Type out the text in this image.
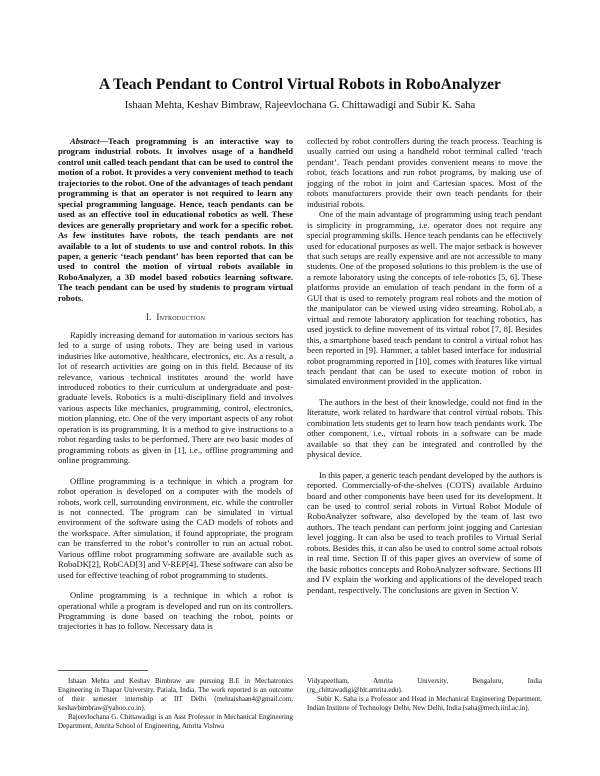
A Teach Pendant to Control Virtual Robots in RoboAnalyzer
Ishaan Mehta, Keshav Bimbraw, Rajeevlochana G. Chittawadigi and Subir K. Saha

Abstract—Teach programming is an interactive way to program industrial robots. It involves usage of a handheld control unit called teach pendant that can be used to control the motion of a robot. It provides a very convenient method to teach trajectories to the robot. One of the advantages of teach pendant programming is that an operator is not required to learn any special programming language. Hence, teach pendants can be used as an effective tool in educational robotics as well. These devices are generally proprietary and work for a specific robot. As few institutes have robots, the teach pendants are not available to a lot of students to use and control robots. In this paper, a generic ‘teach pendant’ has been reported that can be used to control the motion of virtual robots available in RoboAnalyzer, a 3D model based robotics learning software. The teach pendant can be used by students to program virtual robots.

I. Introduction

Rapidly increasing demand for automation in various sectors has led to a surge of using robots. They are being used in various industries like automotive, healthcare, electronics, etc. As a result, a lot of research activities are going on in this field. Because of its relevance, various technical institutes around the world have introduced robotics to their curriculum at undergraduate and post-graduate levels. Robotics is a multi-disciplinary field and involves various aspects like mechanics, programming, control, electronics, motion planning, etc. One of the very important aspects of any robot operation is its programming. It is a method to give instructions to a robot regarding tasks to be performed. There are two basic modes of programming robots as given in [1], i.e., offline programming and online programming.

Offline programming is a technique in which a program for robot operation is developed on a computer with the models of robots, work cell, surrounding environment, etc. while the controller is not connected. The program can be simulated in virtual environment of the software using the CAD models of robots and the workspace. After simulation, if found appropriate, the program can be transferred to the robot’s controller to run an actual robot. Various offline robot programming software are available such as RoboDK[2], RobCAD[3] and V-REP[4]. These software can also be used for effective teaching of robot programming to students.

Online programming is a technique in which a robot is operational while a program is developed and run on its controllers. Programming is done based on teaching the robot, points or trajectories it has to follow. Necessary data is

collected by robot controllers during the teach process. Teaching is usually carried out using a handheld robot terminal called ‘teach pendant’. Teach pendant provides convenient means to move the robot, teach locations and run robot programs, by making use of jogging of the robot in joint and Cartesian spaces. Most of the robots manufacturers provide their own teach pendants for their industrial robots.

One of the main advantage of programming using teach pendant is simplicity in programming, i.e. operator does not require any special programming skills. Hence teach pendants can be effectively used for educational purposes as well. The major setback is however that such setups are really expensive and are not accessible to many students. One of the proposed solutions to this problem is the use of a remote laboratory using the concepts of tele-robotics [5, 6]. These platforms provide an emulation of teach pendant in the form of a GUI that is used to remotely program real robots and the motion of the manipulator can be viewed using video streaming. RoboLab, a virtual and remote laboratory application for teaching robotics, has used joystick to define movement of its virtual robot [7, 8]. Besides this, a smartphone based teach pendant to control a virtual robot has been reported in [9]. Hammer, a tablet based interface for industrial robot programming reported in [10], comes with features like virtual teach pendant that can be used to execute motion of robot in simulated environment provided in the application.

The authors in the best of their knowledge, could not find in the literature, work related to hardware that control virtual robots. This combination lets students get to learn how teach pendants work. The other component, i.e., virtual robots in a software can be made available so that they can be integrated and controlled by the physical device.

In this paper, a generic teach pendant developed by the authors is reported. Commercially-of-the-shelves (COTS) available Arduino board and other components have been used for its development. It can be used to control serial robots in Virtual Robot Module of RoboAnalyzer software, also developed by the team of last two authors. The teach pendant can perform joint jogging and Cartesian level jogging. It can also be used to teach profiles to Virtual Serial robots. Besides this, it can also be used to control some actual robots in real time. Section II of this paper gives an overview of some of the basic robotics concepts and RoboAnalyzer software. Sections III and IV explain the working and applications of the developed teach pendant, respectively. The conclusions are given in Section V.

Ishaan Mehta and Keshav Bimbraw are pursuing B.E in Mechatronics Engineering in Thapar University, Patiala, India. The work reported is an outcome of their semester internship at IIT Delhi (mehtaishaan4@gmail.com, keshavbimbraw@yahoo.co.in).

Rajeevlochana G. Chittawadigi is an Asst Professor in Mechanical Engineering Department, Amrita School of Engineering, Amrita Vishwa

Vidyapeetham, Amrita University, Bengaluru, India (rg_chittawadigi@blr.amrita.edu).

Subir K. Saha is a Professor and Head in Mechanical Engineering Department, Indian Institute of Technology Delhi, New Delhi, India (saha@mech.iitd.ac.in).
